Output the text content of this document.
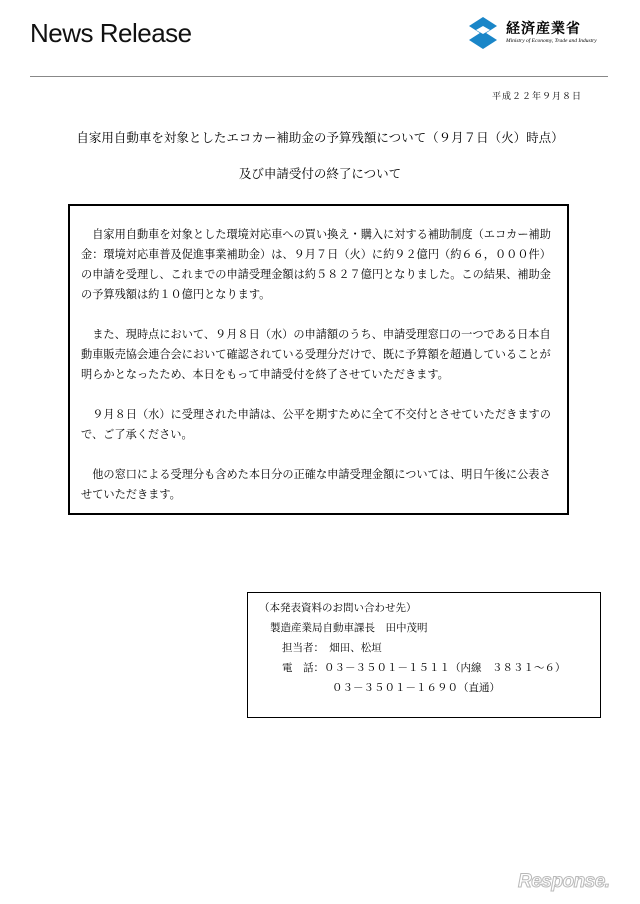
News Release	経済産業省
Ministry of Economy, Trade and Industry
平成２２年９月８日
自家用自動車を対象としたエコカー補助金の予算残額について（９月７日（火）時点）
及び申請受付の終了について

自家用自動車を対象とした環境対応車への買い換え・購入に対する補助制度（エコカー補助金：環境対応車普及促進事業補助金）は、９月７日（火）に約９２億円（約６６，０００件）の申請を受理し、これまでの申請受理金額は約５８２７億円となりました。この結果、補助金の予算残額は約１０億円となります。

また、現時点において、９月８日（水）の申請額のうち、申請受理窓口の一つである日本自動車販売協会連合会において確認されている受理分だけで、既に予算額を超過していることが明らかとなったため、本日をもって申請受付を終了させていただきます。

９月８日（水）に受理された申請は、公平を期すために全て不交付とさせていただきますので、ご了承ください。

他の窓口による受理分も含めた本日分の正確な申請受理金額については、明日午後に公表させていただきます。

（本発表資料のお問い合わせ先）
製造産業局自動車課長　田中茂明
担当者：　畑田、松垣
電　話：０３－３５０１－１５１１（内線　３８３１～６）
０３－３５０１－１６９０（直通）
Response.
